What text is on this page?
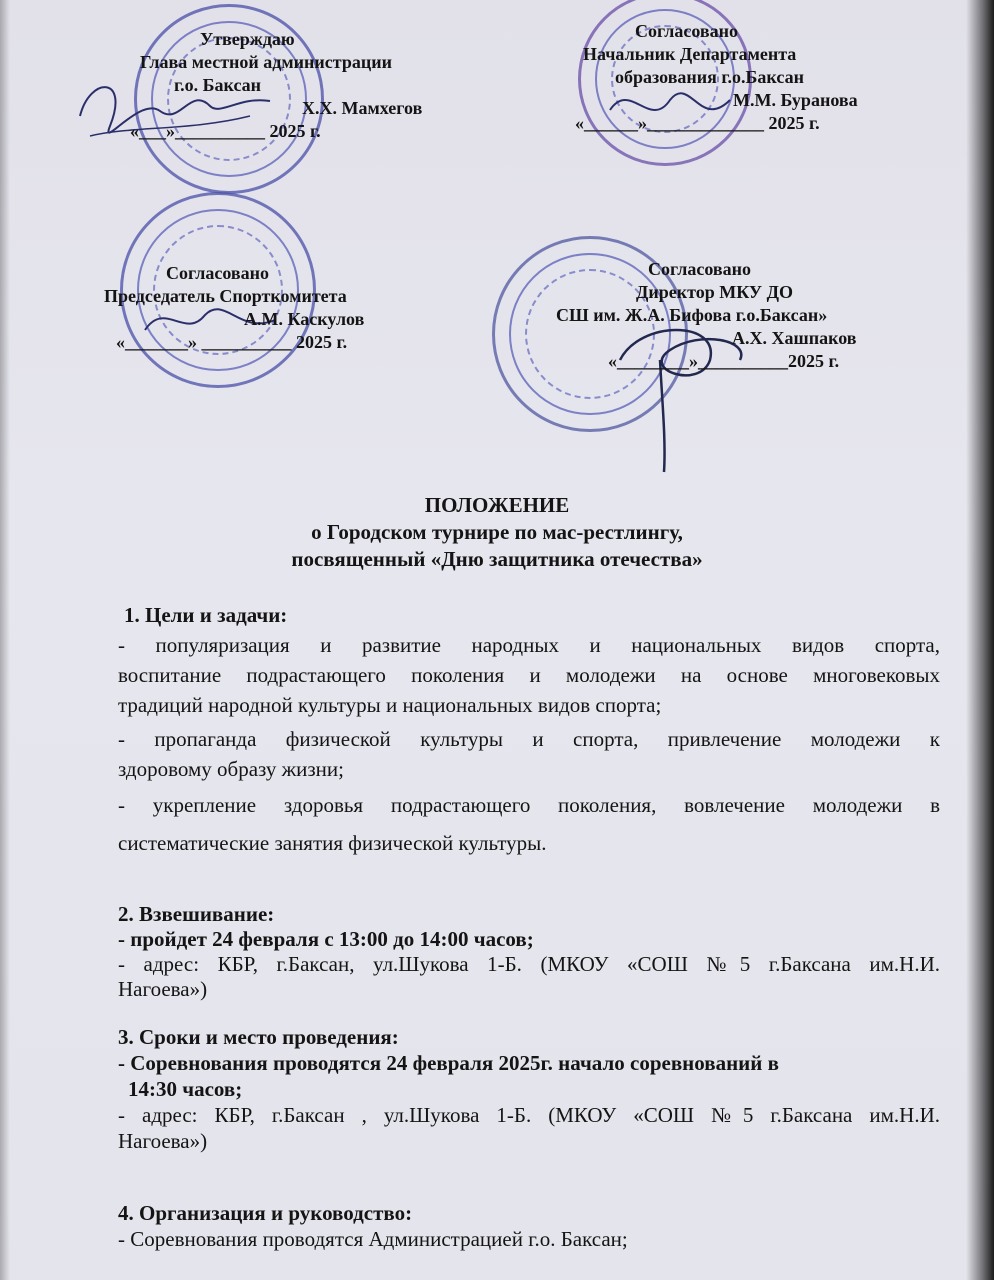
Утверждаю
Глава местной администрации
г.о. Баксан
Х.Х. Мамхегов
«___»__________ 2025 г.
Согласовано
Начальник Департамента
образования г.о.Баксан
М.М. Буранова
«______»_____________ 2025 г.
Согласовано
Председатель Спорткомитета
А.М. Каскулов
«_______» __________ 2025 г.
Согласовано
Директор МКУ ДО
СШ им. Ж.А. Бифова г.о.Баксан»
А.Х. Хашпаков
«________»__________2025 г.
ПОЛОЖЕНИЕ
о Городском турнире по мас-рестлингу,
посвященный «Дню защитника отечества»
1. Цели и задачи:
- популяризация и развитие народных и национальных видов спорта,
воспитание подрастающего поколения и молодежи на основе многовековых
традиций народной культуры и национальных видов спорта;
- пропаганда физической культуры и спорта, привлечение молодежи к
здоровому образу жизни;
- укрепление здоровья подрастающего поколения, вовлечение молодежи в
систематические занятия физической культуры.
2. Взвешивание:
- пройдет 24 февраля с 13:00 до 14:00 часов;
- адрес: КБР, г.Баксан, ул.Шукова 1-Б. (МКОУ «СОШ №5 г.Баксана им.Н.И.
Нагоева»)
3. Сроки и место проведения:
- Соревнования проводятся 24 февраля 2025г. начало соревнований в
14:30 часов;
- адрес: КБР, г.Баксан , ул.Шукова 1-Б. (МКОУ «СОШ №5 г.Баксана им.Н.И.
Нагоева»)
4. Организация и руководство:
- Соревнования проводятся Администрацией г.о. Баксан;
